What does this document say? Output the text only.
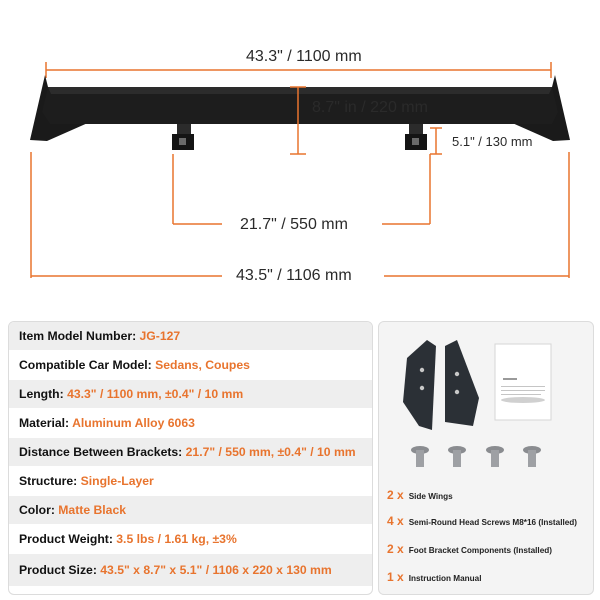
43.3" / 1100 mm
8.7" in / 220 mm
5.1" / 130 mm
21.7" / 550 mm
43.5" / 1106 mm
Item Model Number: JG-127
Compatible Car Model: Sedans, Coupes
Length: 43.3" / 1100 mm, ±0.4" / 10 mm
Material: Aluminum Alloy 6063
Distance Between Brackets: 21.7" / 550 mm, ±0.4" / 10 mm
Structure: Single-Layer
Color: Matte Black
Product Weight: 3.5 lbs / 1.61 kg, ±3%
Product Size: 43.5" x 8.7" x 5.1" / 1106 x 220 x 130 mm
2 x Side Wings
4 x Semi-Round Head Screws M8*16 (Installed)
2 x Foot Bracket Components (Installed)
1 x Instruction Manual
